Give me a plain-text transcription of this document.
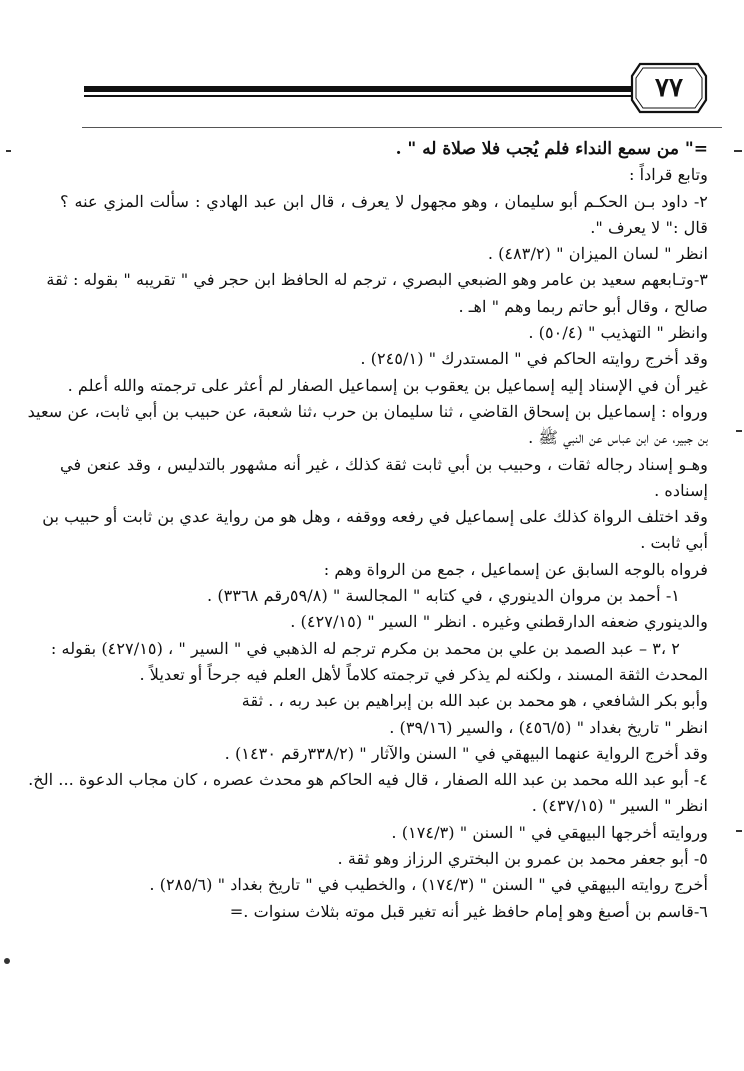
٧٧
=" من سمع النداء فلم يُجب فلا صلاة له " .
وتابع قراداً :
٢- داود بـن الحكـم أبو سليمان ، وهو مجهول لا يعرف ، قال ابن عبد الهادي : سألت المزي عنه ؟
قال :" لا يعرف ".
انظر " لسان الميزان " (٤٨٣/٢) .
٣-وتـابعهم سعيد بن عامر وهو الضبعي البصري ، ترجم له الحافظ ابن حجر في " تقريبه " بقوله : ثقة
صالح ، وقال أبو حاتم ربما وهم " اهـ .
وانظر " التهذيب " (٥٠/٤) .
وقد أخرج روايته الحاكم في " المستدرك " (٢٤٥/١) .
غير أن في الإسناد إليه إسماعيل بن يعقوب بن إسماعيل الصفار لم أعثر على ترجمته والله أعلم .
ورواه : إسماعيل بن إسحاق القاضي ، ثنا سليمان بن حرب ،ثنا شعبة، عن حبيب بن أبي ثابت، عن سعيد
بن جبير، عن ابن عباس عن النبي ﷺ .
وهـو إسناد رجاله ثقات ، وحبيب بن أبي ثابت ثقة كذلك ، غير أنه مشهور بالتدليس ، وقد عنعن في
إسناده .
وقد اختلف الرواة كذلك على إسماعيل في رفعه ووقفه ، وهل هو من رواية عدي بن ثابت أو حبيب بن
أبي ثابت .
فرواه بالوجه السابق عن إسماعيل ، جمع من الرواة وهم :
١- أحمد بن مروان الدينوري ، في كتابه " المجالسة " (٥٩/٨رقم ٣٣٦٨) .
والدينوري ضعفه الدارقطني وغيره . انظر " السير " (٤٢٧/١٥) .
٢ ،٣ – عبد الصمد بن علي بن محمد بن مكرم ترجم له الذهبي في " السير " ، (٤٢٧/١٥) بقوله :
المحدث الثقة المسند ، ولكنه لم يذكر في ترجمته كلاماً لأهل العلم فيه جرحاً أو تعديلاً .
وأبو بكر الشافعي ، هو محمد بن عبد الله بن إبراهيم بن عبد ربه ، . ثقة
انظر " تاريخ بغداد " (٤٥٦/٥) ، والسير (٣٩/١٦) .
وقد أخرج الرواية عنهما البيهقي في " السنن والآثار " (٣٣٨/٢رقم ١٤٣٠) .
٤- أبو عبد الله محمد بن عبد الله الصفار ، قال فيه الحاكم هو محدث عصره ، كان مجاب الدعوة ... الخ.
انظر " السير " (٤٣٧/١٥) .
وروايته أخرجها البيهقي في " السنن " (١٧٤/٣) .
٥- أبو جعفر محمد بن عمرو بن البختري الرزاز وهو ثقة .
أخرج روايته البيهقي في " السنن " (١٧٤/٣) ، والخطيب في " تاريخ بغداد " (٢٨٥/٦) .
٦-قاسم بن أصبغ وهو إمام حافظ غير أنه تغير قبل موته بثلاث سنوات .=
